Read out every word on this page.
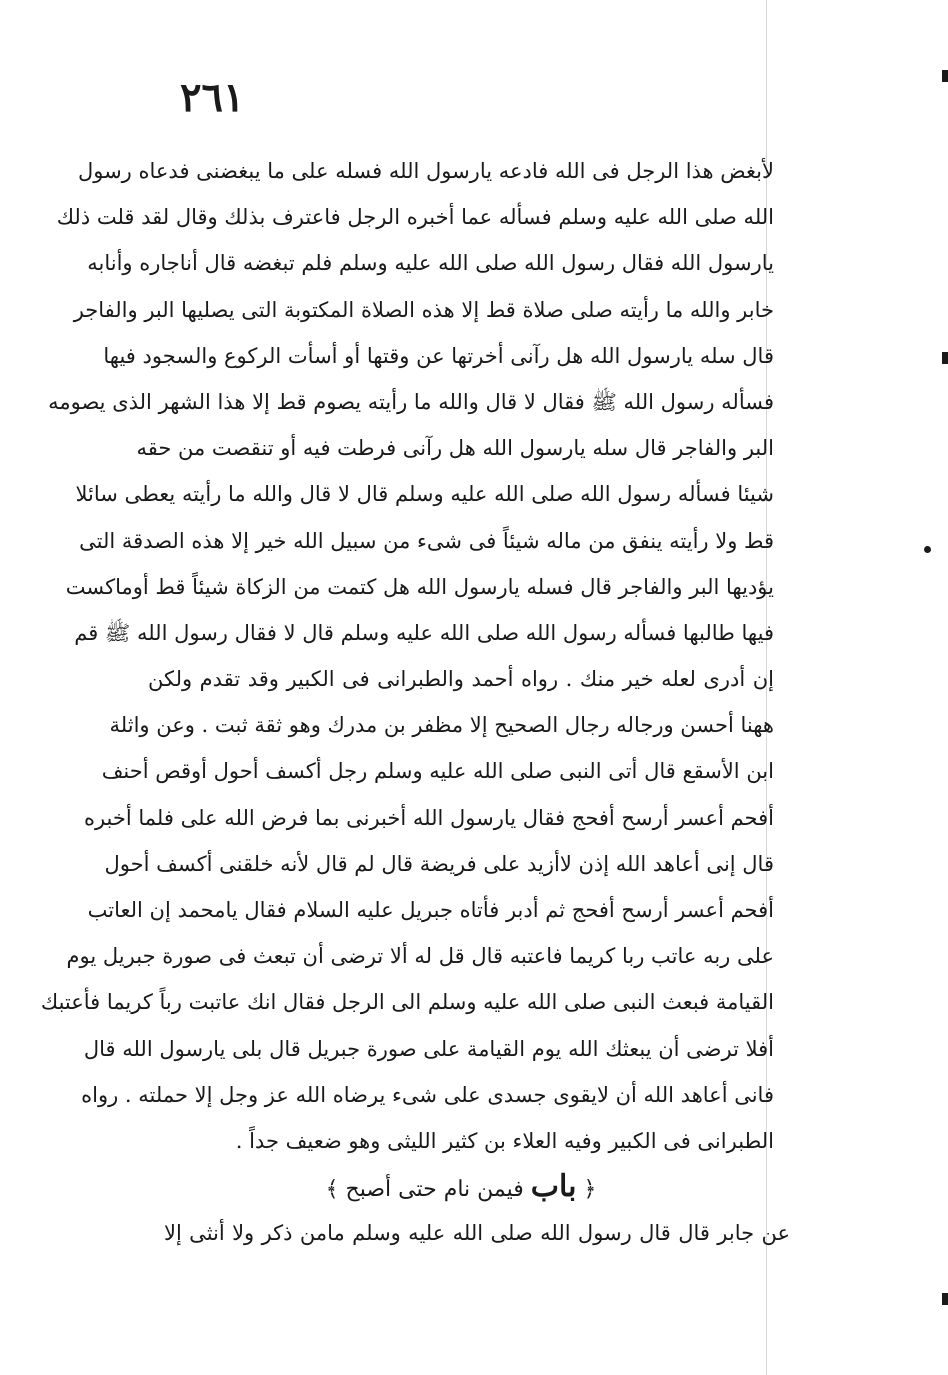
٢٦١
لأبغض هذا الرجل فى الله فادعه يارسول الله فسله على ما يبغضنى فدعاه رسول
الله صلى الله عليه وسلم فسأله عما أخبره الرجل فاعترف بذلك وقال لقد قلت ذلك
يارسول الله فقال رسول الله صلى الله عليه وسلم فلم تبغضه قال أناجاره وأنابه
خابر والله ما رأيته صلى صلاة قط إلا هذه الصلاة المكتوبة التى يصليها البر والفاجر
قال سله يارسول الله هل رآنى أخرتها عن وقتها أو أسأت الركوع والسجود فيها
فسأله رسول الله ﷺ فقال لا قال والله ما رأيته يصوم قط إلا هذا الشهر الذى يصومه
البر والفاجر قال سله يارسول الله هل رآنى فرطت فيه أو تنقصت من حقه
شيئا فسأله رسول الله صلى الله عليه وسلم قال لا قال والله ما رأيته يعطى سائلا
قط ولا رأيته ينفق من ماله شيئاً فى شىء من سبيل الله خير إلا هذه الصدقة التى
يؤديها البر والفاجر قال فسله يارسول الله هل كتمت من الزكاة شيئاً قط أوماكست
فيها طالبها فسأله رسول الله صلى الله عليه وسلم قال لا فقال رسول الله ﷺ قم
إن أدرى لعله خير منك . رواه أحمد والطبرانى فى الكبير وقد تقدم ولكن
ههنا أحسن ورجاله رجال الصحيح إلا مظفر بن مدرك وهو ثقة ثبت . وعن واثلة
ابن الأسقع قال أتى النبى صلى الله عليه وسلم رجل أكسف أحول أوقص أحنف
أفحم أعسر أرسح أفحج فقال يارسول الله أخبرنى بما فرض الله على فلما أخبره
قال إنى أعاهد الله إذن لاأزيد على فريضة قال لم قال لأنه خلقنى أكسف أحول
أفحم أعسر أرسح أفحج ثم أدبر فأتاه جبريل عليه السلام فقال يامحمد إن العاتب
على ربه عاتب ربا كريما فاعتبه قال قل له ألا ترضى أن تبعث فى صورة جبريل يوم
القيامة فبعث النبى صلى الله عليه وسلم الى الرجل فقال انك عاتبت رباً كريما فأعتبك
أفلا ترضى أن يبعثك الله يوم القيامة على صورة جبريل قال بلى يارسول الله قال
فانى أعاهد الله أن لايقوى جسدى على شىء يرضاه الله عز وجل إلا حملته . رواه
الطبرانى فى الكبير وفيه العلاء بن كثير الليثى وهو ضعيف جداً .
﴿ باب فيمن نام حتى أصبح ﴾
عن جابر قال قال رسول الله صلى الله عليه وسلم مامن ذكر ولا أنثى إلا
